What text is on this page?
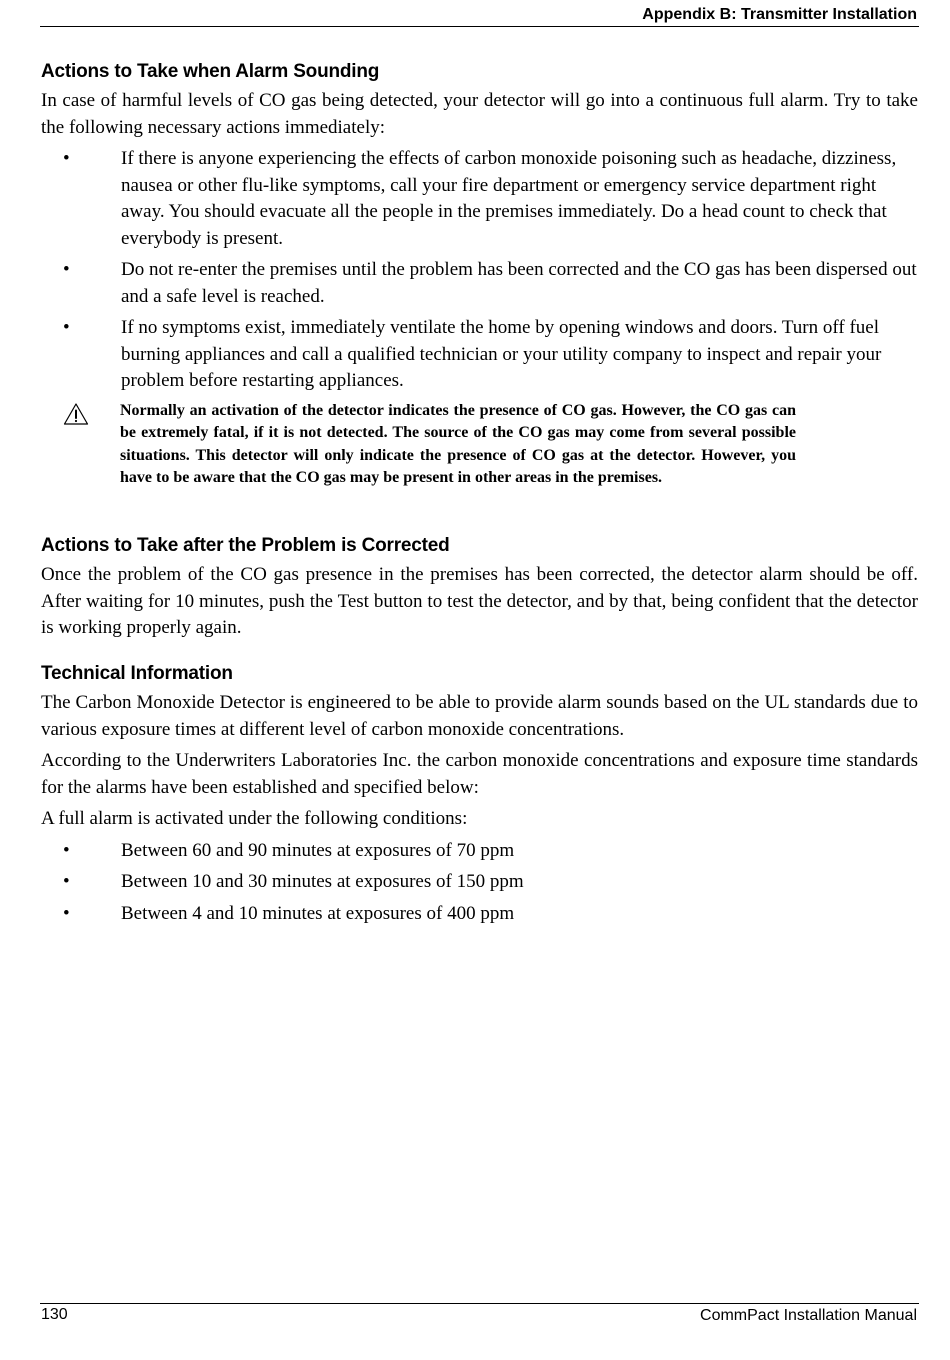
Appendix B: Transmitter Installation
Actions to Take when Alarm Sounding

In case of harmful levels of CO gas being detected, your detector will go into a continuous full alarm. Try to take the following necessary actions immediately:

•	If there is anyone experiencing the effects of carbon monoxide poisoning such as headache, dizziness, nausea or other flu-like symptoms, call your fire department or emergency service department right away. You should evacuate all the people in the premises immediately. Do a head count to check that everybody is present.
•	Do not re-enter the premises until the problem has been corrected and the CO gas has been dispersed out and a safe level is reached.
•	If no symptoms exist, immediately ventilate the home by opening windows and doors. Turn off fuel burning appliances and call a qualified technician or your utility company to inspect and repair your problem before restarting appliances.

Normally an activation of the detector indicates the presence of CO gas. However, the CO gas can be extremely fatal, if it is not detected. The source of the CO gas may come from several possible situations. This detector will only indicate the presence of CO gas at the detector. However, you have to be aware that the CO gas may be present in other areas in the premises.

Actions to Take after the Problem is Corrected

Once the problem of the CO gas presence in the premises has been corrected, the detector alarm should be off. After waiting for 10 minutes, push the Test button to test the detector, and by that, being confident that the detector is working properly again.

Technical Information

The Carbon Monoxide Detector is engineered to be able to provide alarm sounds based on the UL standards due to various exposure times at different level of carbon monoxide concentrations.

According to the Underwriters Laboratories Inc. the carbon monoxide concentrations and exposure time standards for the alarms have been established and specified below:

A full alarm is activated under the following conditions:

•	Between 60 and 90 minutes at exposures of 70 ppm
•	Between 10 and 30 minutes at exposures of 150 ppm
•	Between 4 and 10 minutes at exposures of 400 ppm
130	CommPact Installation Manual
